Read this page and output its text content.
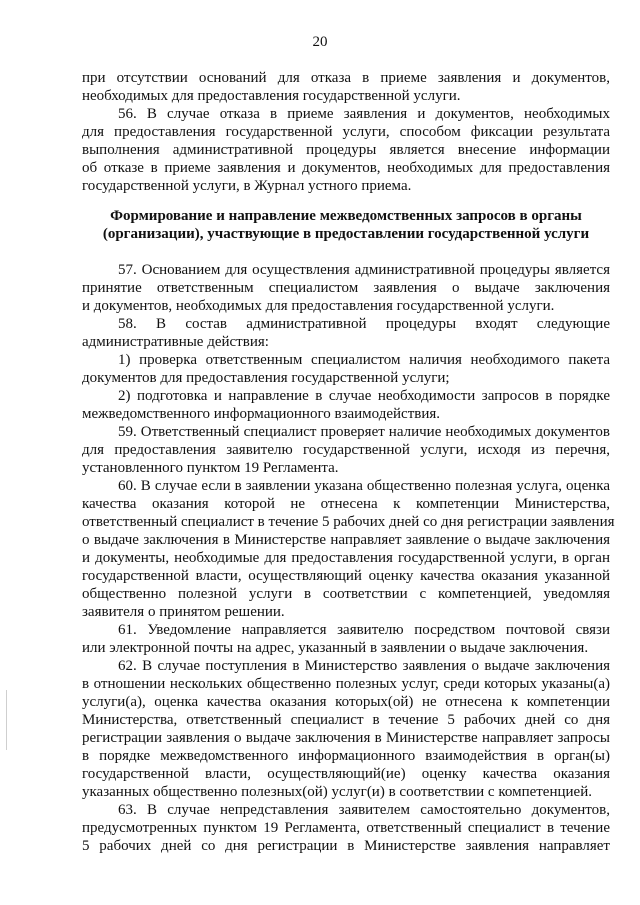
20
при отсутствии оснований для отказа в приеме заявления и документов,
необходимых для предоставления государственной услуги.
56. В случае отказа в приеме заявления и документов, необходимых
для предоставления государственной услуги, способом фиксации результата
выполнения административной процедуры является внесение информации
об отказе в приеме заявления и документов, необходимых для предоставления
государственной услуги, в Журнал устного приема.
Формирование и направление межведомственных запросов в органы
(организации), участвующие в предоставлении государственной услуги
57. Основанием для осуществления административной процедуры является
принятие ответственным специалистом заявления о выдаче заключения
и документов, необходимых для предоставления государственной услуги.
58. В состав административной процедуры входят следующие
административные действия:
1) проверка ответственным специалистом наличия необходимого пакета
документов для предоставления государственной услуги;
2) подготовка и направление в случае необходимости запросов в порядке
межведомственного информационного взаимодействия.
59. Ответственный специалист проверяет наличие необходимых документов
для предоставления заявителю государственной услуги, исходя из перечня,
установленного пунктом 19 Регламента.
60. В случае если в заявлении указана общественно полезная услуга, оценка
качества оказания которой не отнесена к компетенции Министерства,
ответственный специалист в течение 5 рабочих дней со дня регистрации заявления
о выдаче заключения в Министерстве направляет заявление о выдаче заключения
и документы, необходимые для предоставления государственной услуги, в орган
государственной власти, осуществляющий оценку качества оказания указанной
общественно полезной услуги в соответствии с компетенцией, уведомляя
заявителя о принятом решении.
61. Уведомление направляется заявителю посредством почтовой связи
или электронной почты на адрес, указанный в заявлении о выдаче заключения.
62. В случае поступления в Министерство заявления о выдаче заключения
в отношении нескольких общественно полезных услуг, среди которых указаны(а)
услуги(а), оценка качества оказания которых(ой) не отнесена к компетенции
Министерства, ответственный специалист в течение 5 рабочих дней со дня
регистрации заявления о выдаче заключения в Министерстве направляет запросы
в порядке межведомственного информационного взаимодействия в орган(ы)
государственной власти, осуществляющий(ие) оценку качества оказания
указанных общественно полезных(ой) услуг(и) в соответствии с компетенцией.
63. В случае непредставления заявителем самостоятельно документов,
предусмотренных пунктом 19 Регламента, ответственный специалист в течение
5 рабочих дней со дня регистрации в Министерстве заявления направляет
